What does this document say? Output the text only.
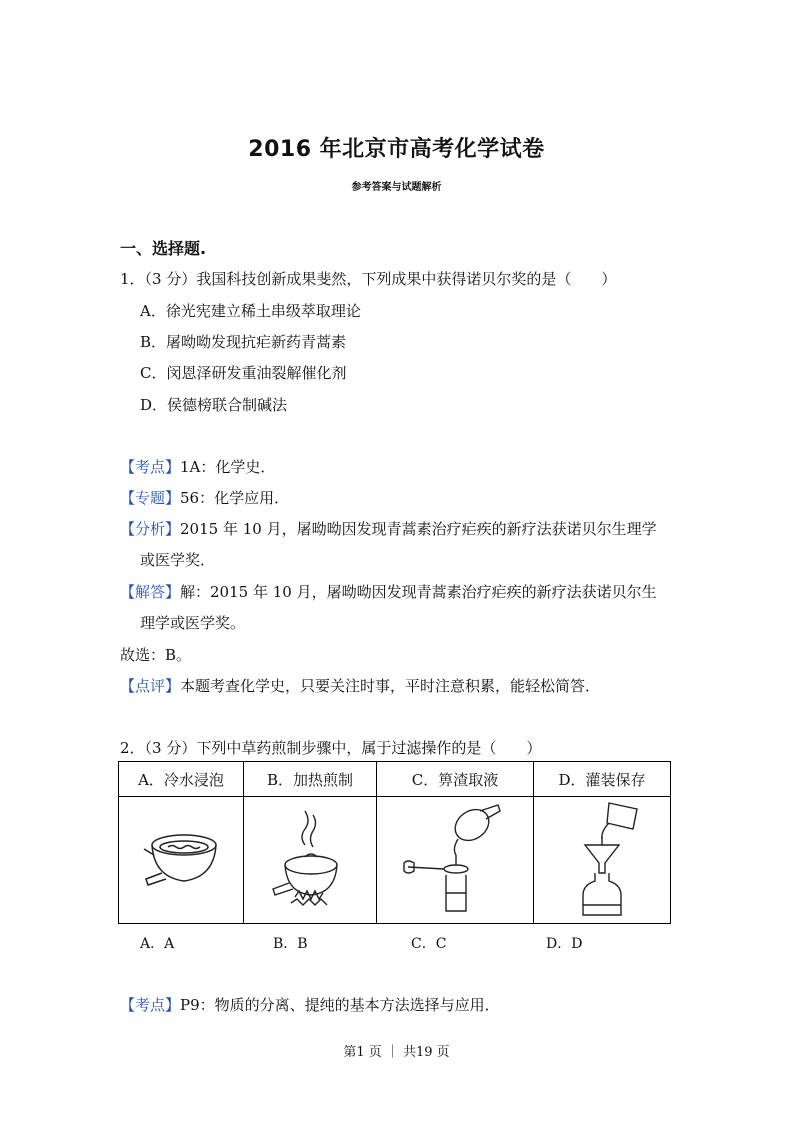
2016 年北京市高考化学试卷
参考答案与试题解析
一、选择题.
1．（3 分）我国科技创新成果斐然，下列成果中获得诺贝尔奖的是（　　）
A．徐光宪建立稀土串级萃取理论
B．屠呦呦发现抗疟新药青蒿素
C．闵恩泽研发重油裂解催化剂
D．侯德榜联合制碱法
【考点】1A：化学史．
【专题】56：化学应用．
【分析】2015 年 10 月，屠呦呦因发现青蒿素治疗疟疾的新疗法获诺贝尔生理学
或医学奖．
【解答】解：2015 年 10 月，屠呦呦因发现青蒿素治疗疟疾的新疗法获诺贝尔生
理学或医学奖。
故选：B。
【点评】本题考查化学史，只要关注时事，平时注意积累，能轻松简答．
2．（3 分）下列中草药煎制步骤中，属于过滤操作的是（　　）
A．冷水浸泡	B．加热煎制	C．箅渣取液	D．灌装保存

A．A	B．B	C．C	D．D
【考点】P9：物质的分离、提纯的基本方法选择与应用．
第1 页 ｜ 共19 页
